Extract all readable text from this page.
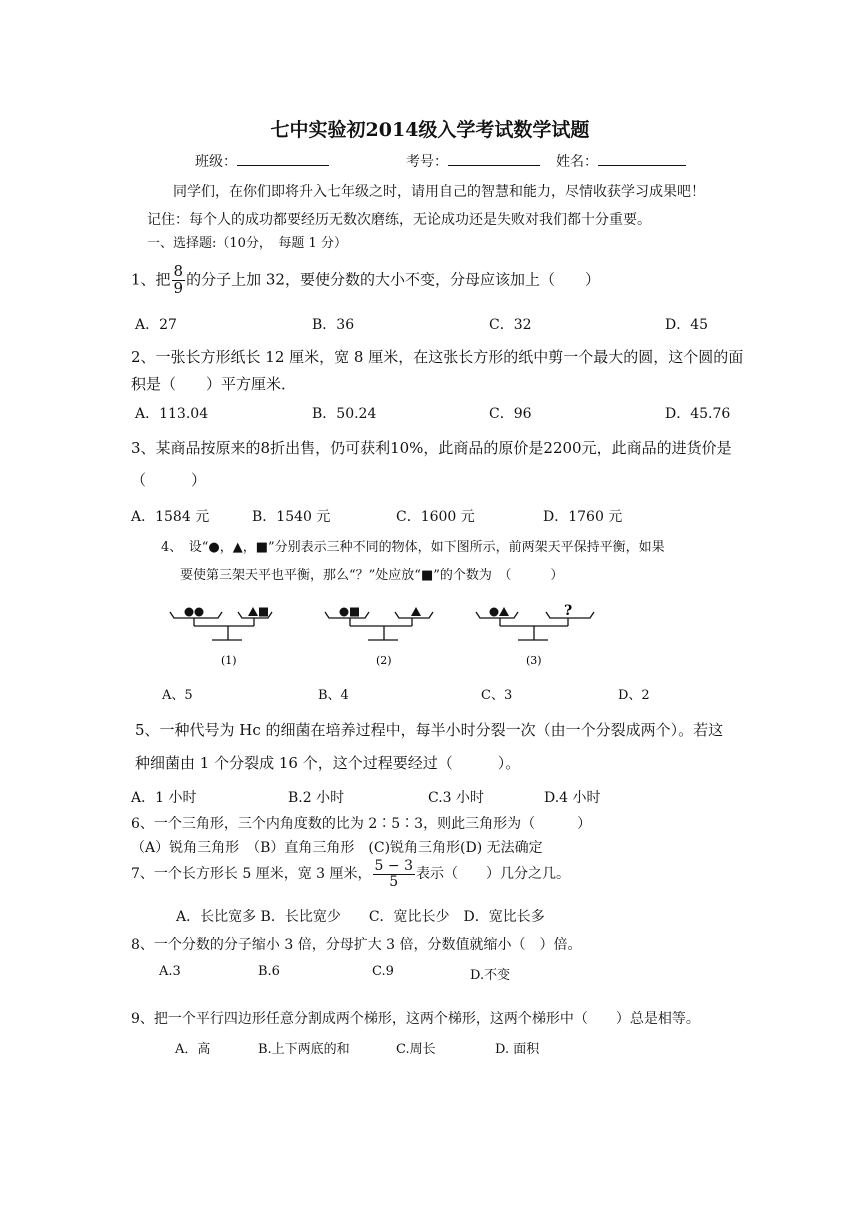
七中实验初2014级入学考试数学试题
班级：	考号：	姓名：
同学们，在你们即将升入七年级之时，请用自己的智慧和能力，尽情收获学习成果吧！
记住：每个人的成功都要经历无数次磨练，无论成功还是失败对我们都十分重要。
一、选择题:（10分，　每题 1 分）
1、把 $\frac{8}{9}$ 的分子上加 32，要使分数的大小不变，分母应该加上（　　）
A．27	B．36	C．32	D．45
2、一张长方形纸长 12 厘米，宽 8 厘米，在这张长方形的纸中剪一个最大的圆，这个圆的面
积是（　　）平方厘米．
A．113.04	B．50.24	C．96	D．45.76
3、某商品按原来的8折出售，仍可获利10%，此商品的原价是2200元，此商品的进货价是
（　　　）
A．1584 元	B．1540 元	C．1600 元	D．1760 元
4、　设“●，▲，■”分别表示三种不同的物体，如下图所示，前两架天平保持平衡，如果
要使第三架天平也平衡，那么“？”处应放“■”的个数为　（　　　）
(1)	(2)
?
(3)
A、5	B、4	C、3	D、2
5、一种代号为 Hc 的细菌在培养过程中，每半小时分裂一次（由一个分裂成两个）。若这
种细菌由 1 个分裂成 16 个，这个过程要经过（　　　）。
A．1 小时	B.2 小时	C.3 小时	D.4 小时
6、一个三角形，三个内角度数的比为 2∶5∶3，则此三角形为（　　　）
（A）锐角三角形　（B）直角三角形　(C)锐角三角形(D) 无法确定
7、一个长方形长 5 厘米，宽 3 厘米， $\frac{5 - 3}{5}$ 表示（　　）几分之几。
A．长比宽多 B．长比宽少　　C．宽比长少　D．宽比长多
8、一个分数的分子缩小 3 倍，分母扩大 3 倍，分数值就缩小（　）倍。
A.3	B.6	C.9	D.不变
9、把一个平行四边形任意分割成两个梯形，这两个梯形，这两个梯形中（　　）总是相等。
A．高	B.上下两底的和	C.周长	D. 面积
